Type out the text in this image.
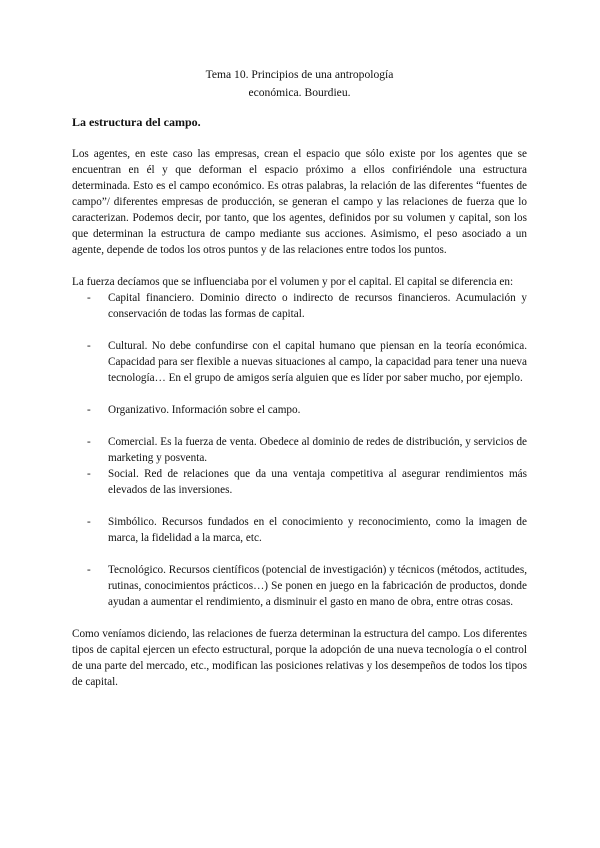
Tema 10. Principios de una antropología
económica. Bourdieu.
La estructura del campo.

Los agentes, en este caso las empresas, crean el espacio que sólo existe por los agentes que se encuentran en él y que deforman el espacio próximo a ellos confiriéndole una estructura determinada. Esto es el campo económico. Es otras palabras, la relación de las diferentes “fuentes de campo”/ diferentes empresas de producción, se generan el campo y las relaciones de fuerza que lo caracterizan. Podemos decir, por tanto, que los agentes, definidos por su volumen y capital, son los que determinan la estructura de campo mediante sus acciones. Asimismo, el peso asociado a un agente, depende de todos los otros puntos y de las relaciones entre todos los puntos.

La fuerza decíamos que se influenciaba por el volumen y por el capital. El capital se diferencia en:

- Capital financiero. Dominio directo o indirecto de recursos financieros. Acumulación y conservación de todas las formas de capital.
- Cultural. No debe confundirse con el capital humano que piensan en la teoría económica. Capacidad para ser flexible a nuevas situaciones al campo, la capacidad para tener una nueva tecnología… En el grupo de amigos sería alguien que es líder por saber mucho, por ejemplo.
- Organizativo. Información sobre el campo.
- Comercial. Es la fuerza de venta. Obedece al dominio de redes de distribución, y servicios de marketing y posventa.
- Social. Red de relaciones que da una ventaja competitiva al asegurar rendimientos más elevados de las inversiones.
- Simbólico. Recursos fundados en el conocimiento y reconocimiento, como la imagen de marca, la fidelidad a la marca, etc.
- Tecnológico. Recursos científicos (potencial de investigación) y técnicos (métodos, actitudes, rutinas, conocimientos prácticos…) Se ponen en juego en la fabricación de productos, donde ayudan a aumentar el rendimiento, a disminuir el gasto en mano de obra, entre otras cosas.

Como veníamos diciendo, las relaciones de fuerza determinan la estructura del campo. Los diferentes tipos de capital ejercen un efecto estructural, porque la adopción de una nueva tecnología o el control de una parte del mercado, etc., modifican las posiciones relativas y los desempeños de todos los tipos de capital.
